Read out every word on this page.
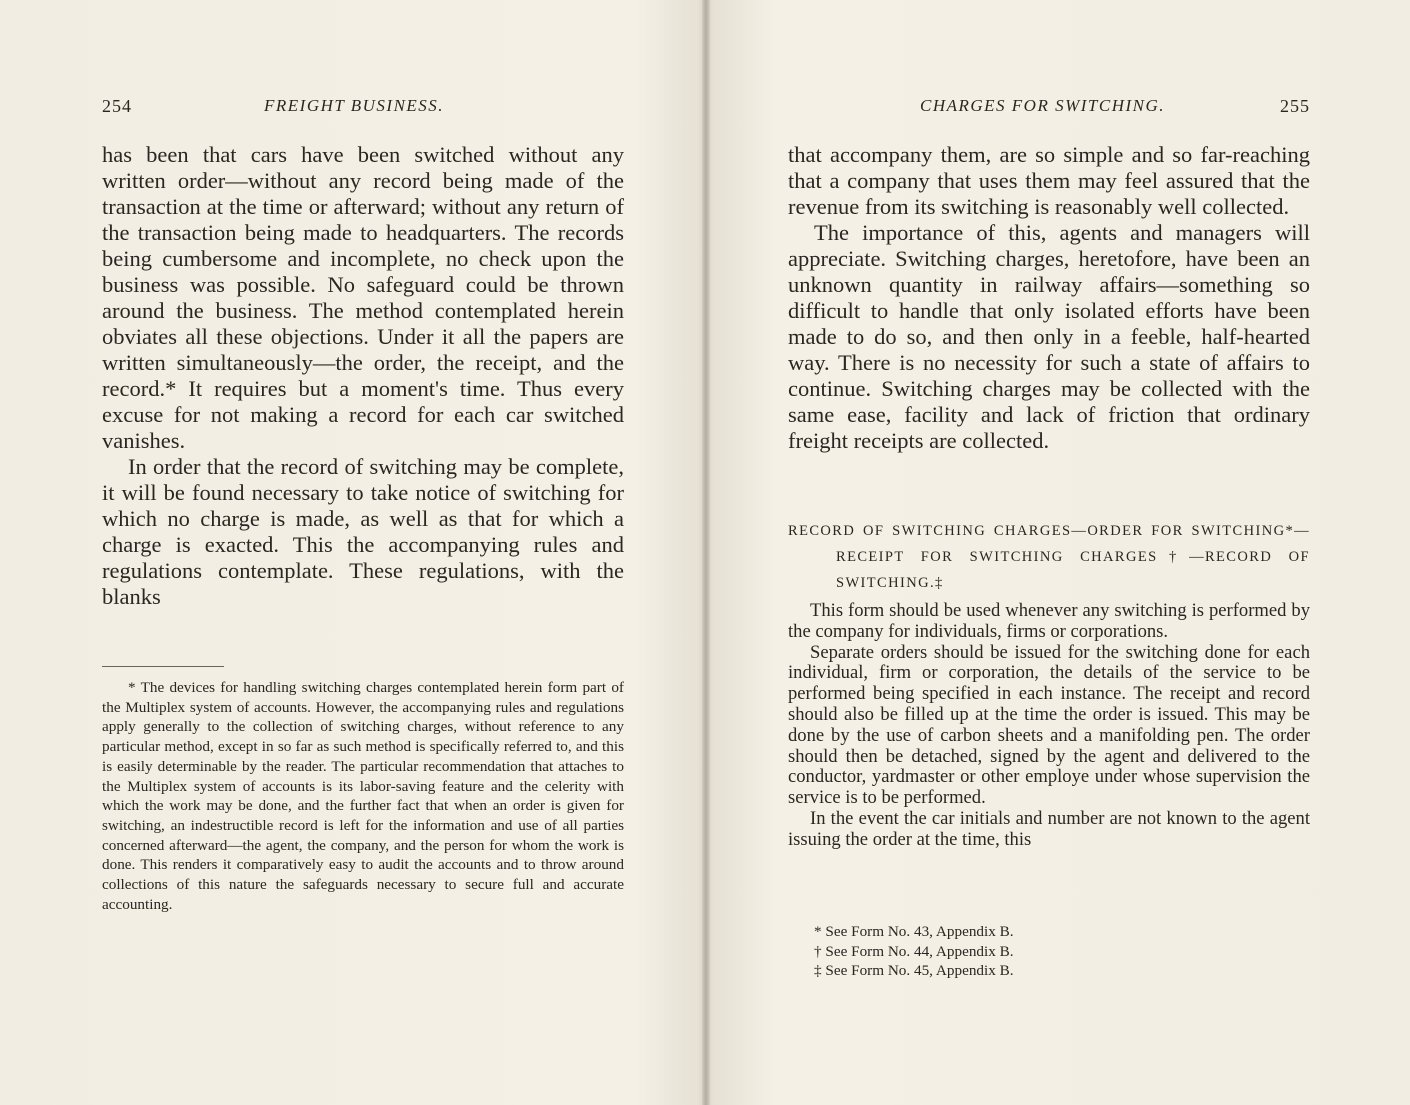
254	FREIGHT BUSINESS.

has been that cars have been switched without any written order—without any record being made of the transaction at the time or afterward; without any return of the transaction being made to headquarters. The records being cumbersome and incomplete, no check upon the business was possible. No safeguard could be thrown around the business. The method contemplated herein obviates all these objections. Under it all the papers are written simultaneously—the order, the receipt, and the record.* It requires but a moment's time. Thus every excuse for not making a record for each car switched vanishes.

In order that the record of switching may be complete, it will be found necessary to take notice of switching for which no charge is made, as well as that for which a charge is exacted. This the accompanying rules and regulations contemplate. These regulations, with the blanks

* The devices for handling switching charges contemplated herein form part of the Multiplex system of accounts. However, the accompanying rules and regulations apply generally to the collection of switching charges, without reference to any particular method, except in so far as such method is specifically referred to, and this is easily determinable by the reader. The particular recommendation that attaches to the Multiplex system of accounts is its labor-saving feature and the celerity with which the work may be done, and the further fact that when an order is given for switching, an indestructible record is left for the information and use of all parties concerned afterward—the agent, the company, and the person for whom the work is done. This renders it comparatively easy to audit the accounts and to throw around collections of this nature the safeguards necessary to secure full and accurate accounting.

CHARGES FOR SWITCHING.	255

that accompany them, are so simple and so far-reaching that a company that uses them may feel assured that the revenue from its switching is reasonably well collected.

The importance of this, agents and managers will appreciate. Switching charges, heretofore, have been an unknown quantity in railway affairs—something so difficult to handle that only isolated efforts have been made to do so, and then only in a feeble, half-hearted way. There is no necessity for such a state of affairs to continue. Switching charges may be collected with the same ease, facility and lack of friction that ordinary freight receipts are collected.

RECORD OF SWITCHING CHARGES—ORDER FOR SWITCHING*—RECEIPT FOR SWITCHING CHARGES†—RECORD OF SWITCHING.‡

This form should be used whenever any switching is performed by the company for individuals, firms or corporations.

Separate orders should be issued for the switching done for each individual, firm or corporation, the details of the service to be performed being specified in each instance. The receipt and record should also be filled up at the time the order is issued. This may be done by the use of carbon sheets and a manifolding pen. The order should then be detached, signed by the agent and delivered to the conductor, yardmaster or other employe under whose supervision the service is to be performed.

In the event the car initials and number are not known to the agent issuing the order at the time, this

* See Form No. 43, Appendix B.
† See Form No. 44, Appendix B.
‡ See Form No. 45, Appendix B.
